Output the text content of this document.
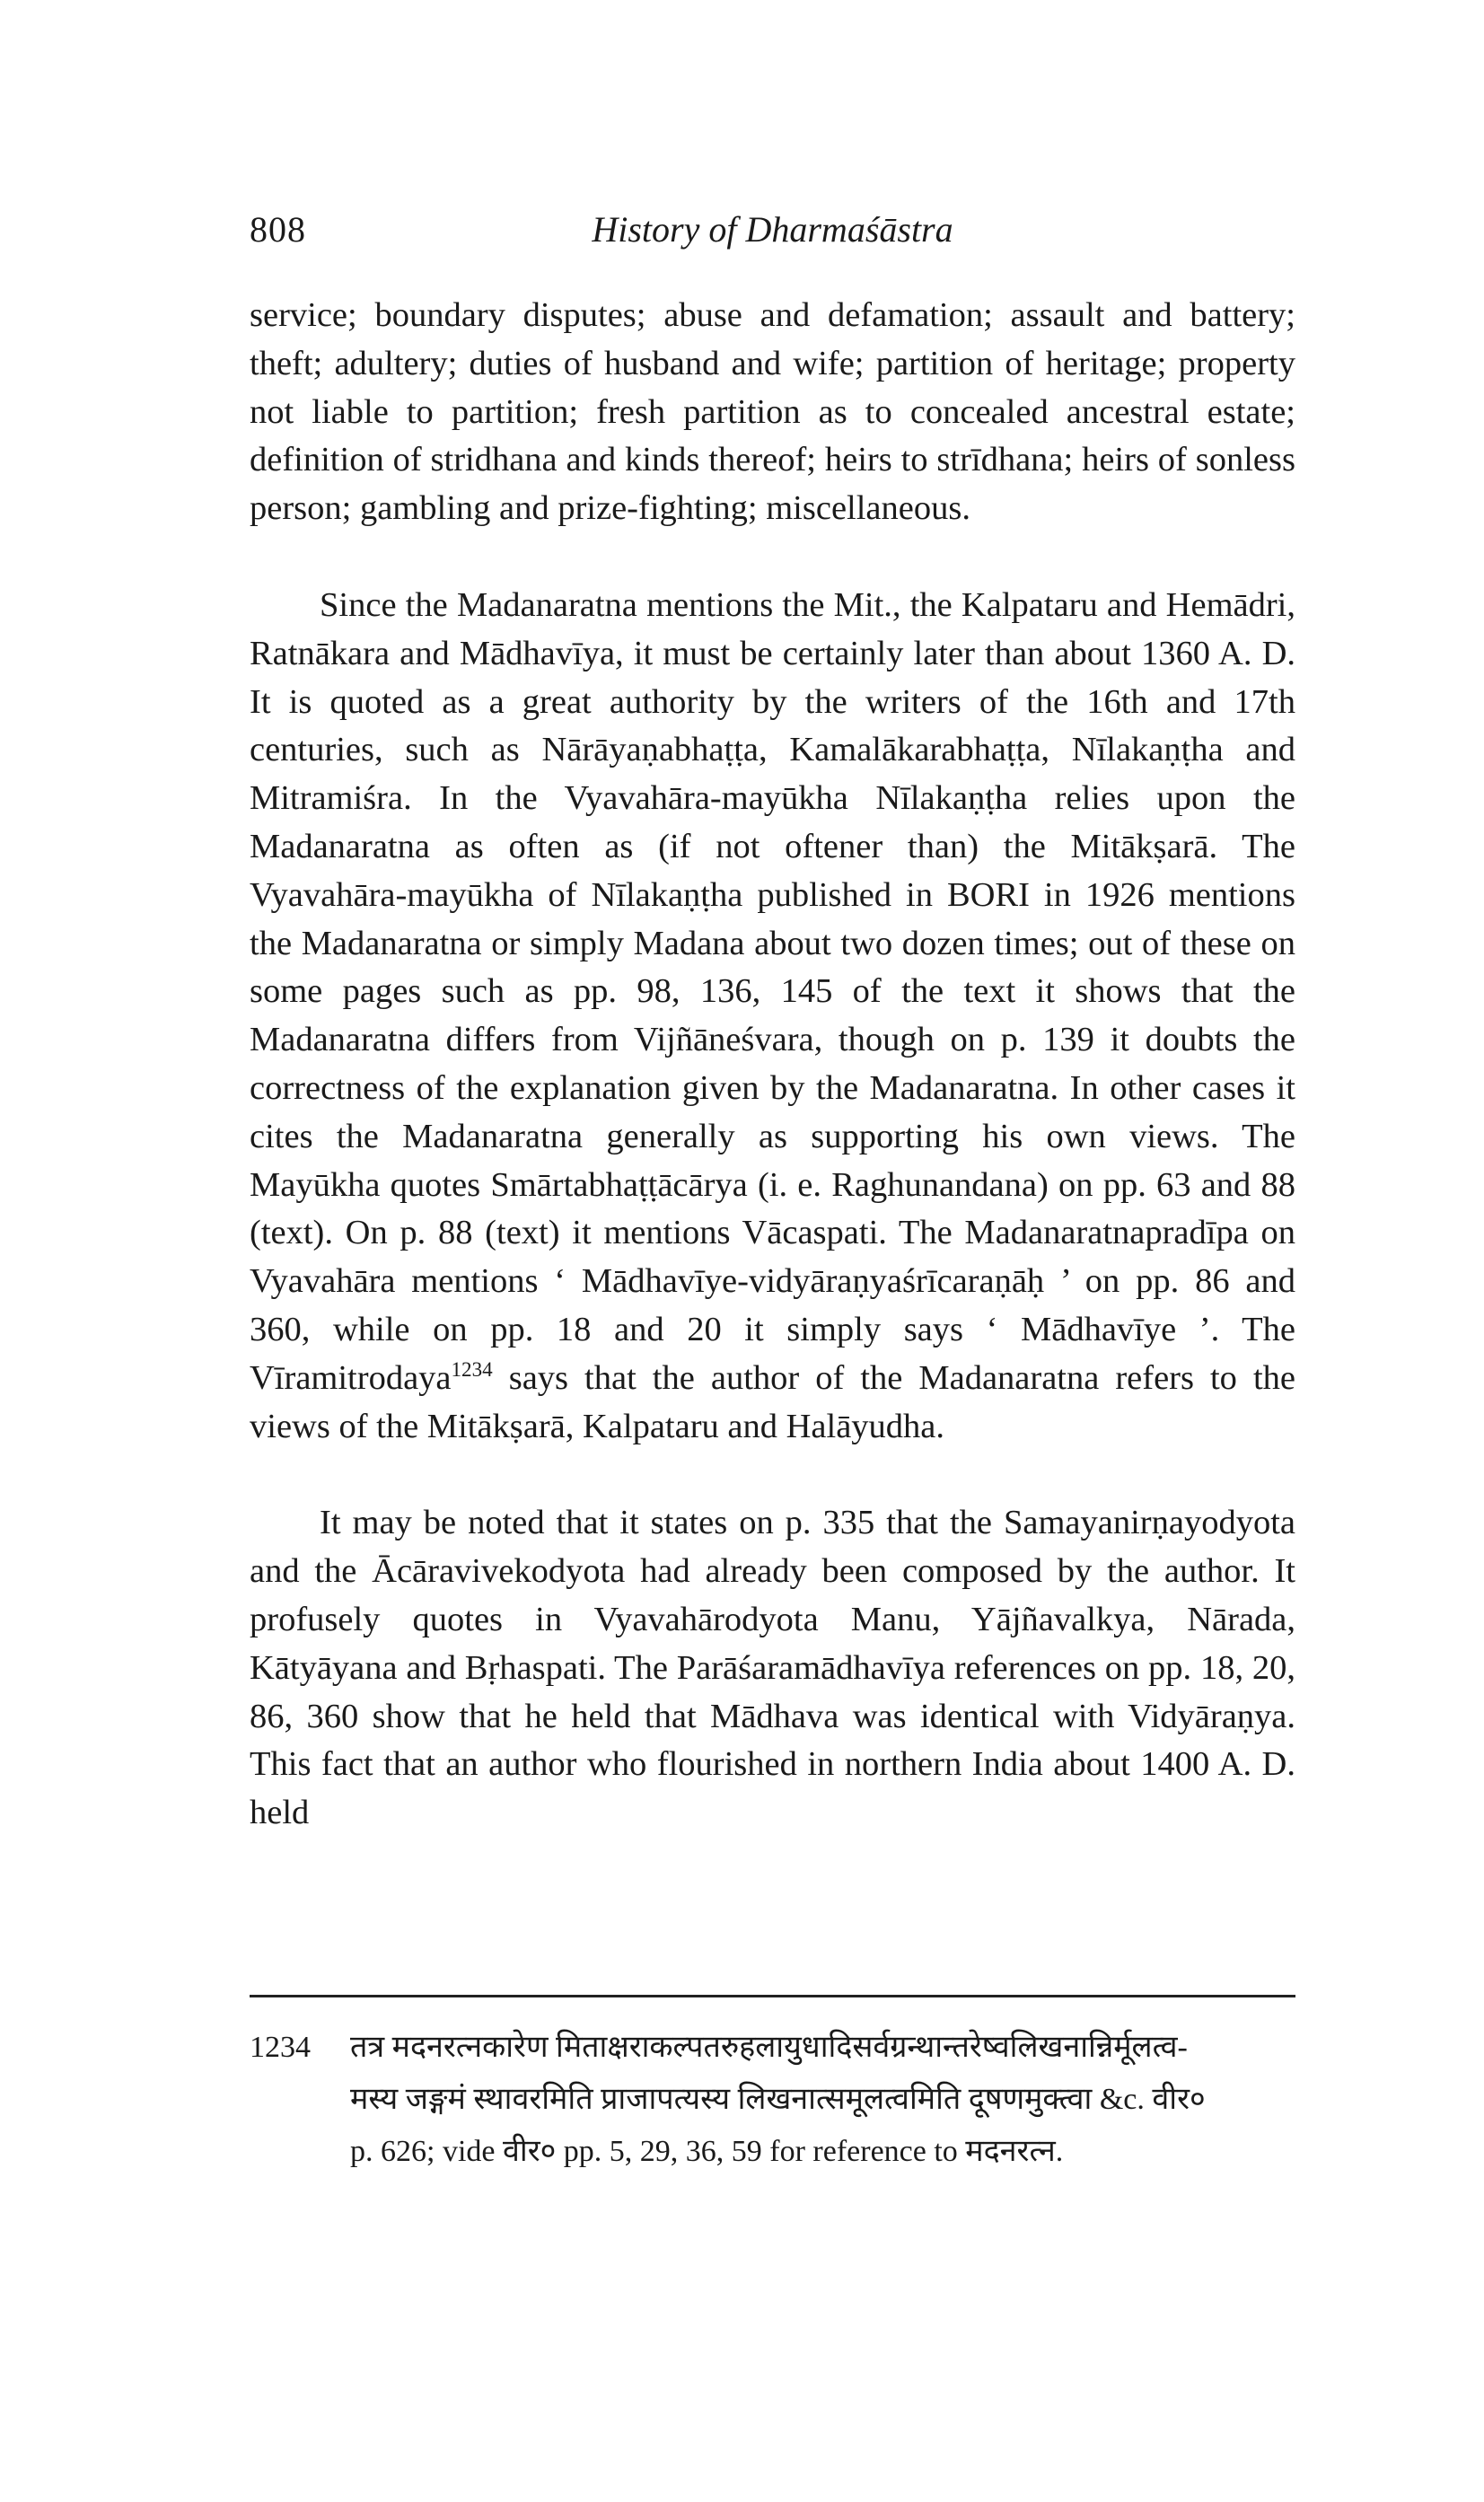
808	History of Dharmaśāstra

service; boundary disputes; abuse and defamation; assault and battery; theft; adultery; duties of husband and wife; partition of heritage; property not liable to partition; fresh partition as to concealed ancestral estate; definition of stridhana and kinds thereof; heirs to strīdhana; heirs of sonless person; gambling and prize-fighting; miscellaneous.

Since the Madanaratna mentions the Mit., the Kalpataru and Hemādri, Ratnākara and Mādhavīya, it must be certainly later than about 1360 A. D. It is quoted as a great authority by the writers of the 16th and 17th centuries, such as Nārāyaṇabhaṭṭa, Kamalākarabhaṭṭa, Nīlakaṇṭha and Mitramiśra. In the Vyavahāra-mayūkha Nīlakaṇṭha relies upon the Madanaratna as often as (if not oftener than) the Mitākṣarā. The Vyavahāra-mayūkha of Nīlakaṇṭha published in BORI in 1926 mentions the Madanaratna or simply Madana about two dozen times; out of these on some pages such as pp. 98, 136, 145 of the text it shows that the Madanaratna differs from Vijñāneśvara, though on p. 139 it doubts the correctness of the explanation given by the Madanaratna. In other cases it cites the Madanaratna generally as supporting his own views. The Mayūkha quotes Smārtabhaṭṭācārya (i. e. Raghunandana) on pp. 63 and 88 (text). On p. 88 (text) it mentions Vācaspati. The Madanaratnapradīpa on Vyavahāra mentions ‘ Mādhavīye-vidyāraṇyaśrīcaraṇāḥ ’ on pp. 86 and 360, while on pp. 18 and 20 it simply says ‘ Mādhavīye ’. The Vīramitrodaya$^{1234}$ says that the author of the Madanaratna refers to the views of the Mitākṣarā, Kalpataru and Halāyudha.

It may be noted that it states on p. 335 that the Samayanirṇayodyota and the Ācāravivekodyota had already been composed by the author. It profusely quotes in Vyavahārodyota Manu, Yājñavalkya, Nārada, Kātyāyana and Bṛhaspati. The Parāśaramādhavīya references on pp. 18, 20, 86, 360 show that he held that Mādhava was identical with Vidyāraṇya. This fact that an author who flourished in northern India about 1400 A. D. held

1234	तत्र मदनरत्नकारेण मिताक्षराकल्पतरुहलायुधादिसर्वग्रन्थान्तरेष्वलिखनान्निर्मूलत्व-
मस्य जङ्गमं स्थावरमिति प्राजापत्यस्य लिखनात्समूलत्वमिति दूषणमुक्त्वा &c. वीर०
p. 626; vide वीर० pp. 5, 29, 36, 59 for reference to मदनरत्न.
